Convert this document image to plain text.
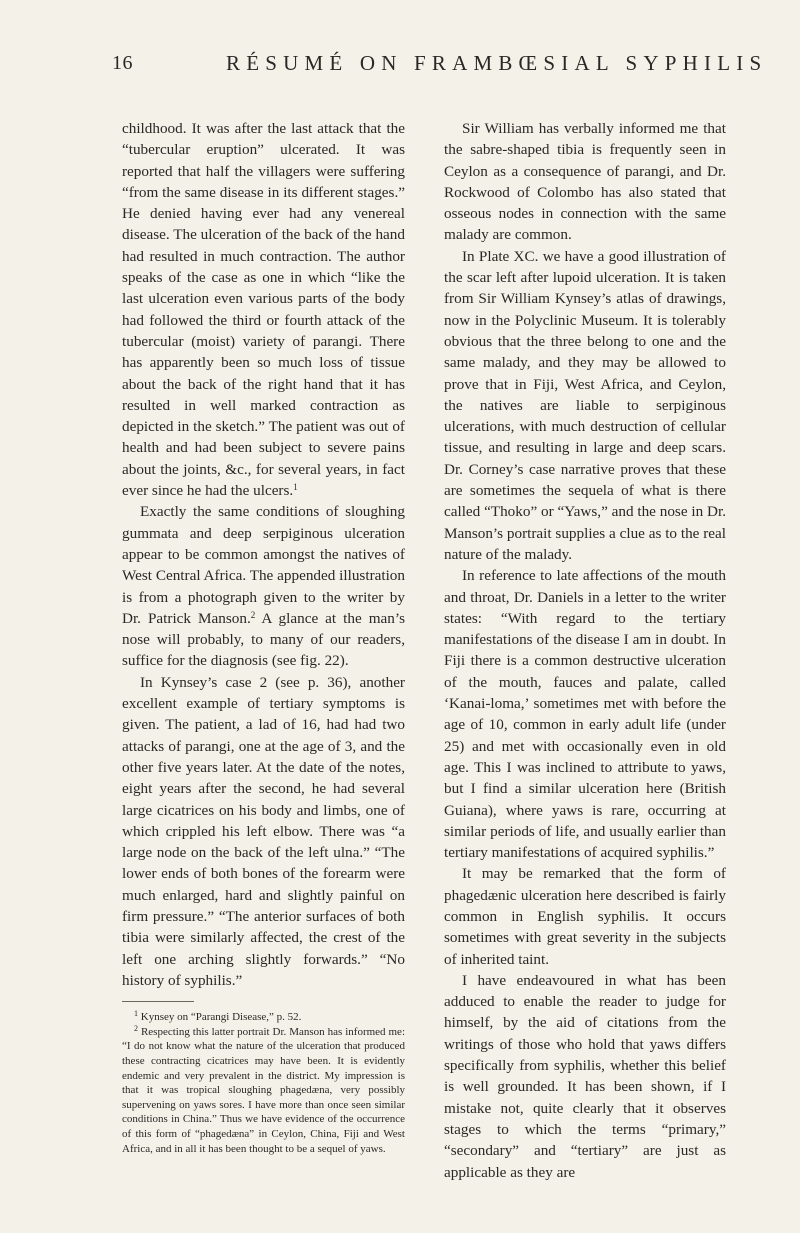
16	RÉSUMÉ ON FRAMBŒSIAL SYPHILIS

childhood. It was after the last attack that the “tubercular eruption” ulcerated. It was reported that half the villagers were suffering “from the same disease in its different stages.” He denied having ever had any venereal disease. The ulceration of the back of the hand had resulted in much contraction. The author speaks of the case as one in which “like the last ulceration even various parts of the body had followed the third or fourth attack of the tubercular (moist) variety of parangi. There has apparently been so much loss of tissue about the back of the right hand that it has resulted in well marked contraction as depicted in the sketch.” The patient was out of health and had been subject to severe pains about the joints, &c., for several years, in fact ever since he had the ulcers.$^1$

Exactly the same conditions of sloughing gummata and deep serpiginous ulceration appear to be common amongst the natives of West Central Africa. The appended illustration is from a photograph given to the writer by Dr. Patrick Manson.$^2$ A glance at the man’s nose will probably, to many of our readers, suffice for the diagnosis (see fig. 22).

In Kynsey’s case 2 (see p. 36), another excellent example of tertiary symptoms is given. The patient, a lad of 16, had had two attacks of parangi, one at the age of 3, and the other five years later. At the date of the notes, eight years after the second, he had several large cicatrices on his body and limbs, one of which crippled his left elbow. There was “a large node on the back of the left ulna.” “The lower ends of both bones of the forearm were much enlarged, hard and slightly painful on firm pressure.” “The anterior surfaces of both tibia were similarly affected, the crest of the left one arching slightly forwards.” “No history of syphilis.”

$^1$ Kynsey on “Parangi Disease,” p. 52.

$^2$ Respecting this latter portrait Dr. Manson has informed me: “I do not know what the nature of the ulceration that produced these contracting cicatrices may have been. It is evidently endemic and very prevalent in the district. My impression is that it was tropical sloughing phagedæna, very possibly supervening on yaws sores. I have more than once seen similar conditions in China.” Thus we have evidence of the occurrence of this form of “phagedæna” in Ceylon, China, Fiji and West Africa, and in all it has been thought to be a sequel of yaws.

Sir William has verbally informed me that the sabre-shaped tibia is frequently seen in Ceylon as a consequence of parangi, and Dr. Rockwood of Colombo has also stated that osseous nodes in connection with the same malady are common.

In Plate XC. we have a good illustration of the scar left after lupoid ulceration. It is taken from Sir William Kynsey’s atlas of drawings, now in the Polyclinic Museum. It is tolerably obvious that the three belong to one and the same malady, and they may be allowed to prove that in Fiji, West Africa, and Ceylon, the natives are liable to serpiginous ulcerations, with much destruction of cellular tissue, and resulting in large and deep scars. Dr. Corney’s case narrative proves that these are sometimes the sequela of what is there called “Thoko” or “Yaws,” and the nose in Dr. Manson’s portrait supplies a clue as to the real nature of the malady.

In reference to late affections of the mouth and throat, Dr. Daniels in a letter to the writer states: “With regard to the tertiary manifestations of the disease I am in doubt. In Fiji there is a common destructive ulceration of the mouth, fauces and palate, called ‘Kanai-loma,’ sometimes met with before the age of 10, common in early adult life (under 25) and met with occasionally even in old age. This I was inclined to attribute to yaws, but I find a similar ulceration here (British Guiana), where yaws is rare, occurring at similar periods of life, and usually earlier than tertiary manifestations of acquired syphilis.”

It may be remarked that the form of phagedænic ulceration here described is fairly common in English syphilis. It occurs sometimes with great severity in the subjects of inherited taint.

I have endeavoured in what has been adduced to enable the reader to judge for himself, by the aid of citations from the writings of those who hold that yaws differs specifically from syphilis, whether this belief is well grounded. It has been shown, if I mistake not, quite clearly that it observes stages to which the terms “primary,” “secondary” and “tertiary” are just as applicable as they are
